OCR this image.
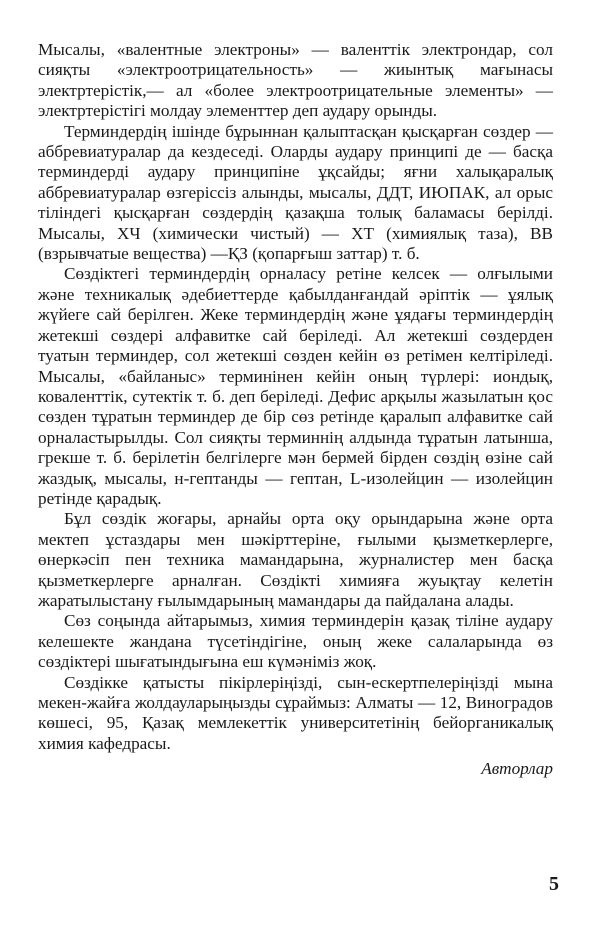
Мысалы, «валентные электроны» — валенттік электрондар, сол сияқты «электроотрицательность» — жиынтық мағынасы электртерістік,— ал «более электроотрицательные элементы» — электртерістігі молдау элементтер деп аудару орынды.

Терминдердің ішінде бұрыннан қалыптасқан қысқарған сөздер — аббревиатуралар да кездеседі. Оларды аудару принципі де — басқа терминдерді аудару принципіне ұқсайды; яғни халықаралық аббревиатуралар өзгеріссіз алынды, мысалы, ДДТ, ИЮПАК, ал орыс тіліндегі қысқарған сөздердің қазақша толық баламасы берілді. Мысалы, ХЧ (химически чистый) — ХТ (химиялық таза), ВВ (взрывчатые вещества) —ҚЗ (қопарғыш заттар) т. б.

Сөздіктегі терминдердің орналасу ретіне келсек — олғылыми және техникалық әдебиеттерде қабылданғандай әріптік — ұялық жүйеге сай берілген. Жеке терминдердің және ұядағы терминдердің жетекші сөздері алфавитке сай беріледі. Ал жетекші сөздерден туатын терминдер, сол жетекші сөзден кейін өз ретімен келтіріледі. Мысалы, «байланыс» терминінен кейін оның түрлері: иондық, коваленттік, сутектік т. б. деп беріледі. Дефис арқылы жазылатын қос сөзден тұратын терминдер де бір сөз ретінде қаралып алфавитке сай орналастырылды. Сол сияқты терминнің алдында тұратын латынша, грекше т. б. берілетін белгілерге мән бермей бірден сөздің өзіне сай жаздық, мысалы, н-гептанды — гептан, L-изолейцин — изолейцин ретінде қарадық.

Бұл сөздік жоғары, арнайы орта оқу орындарына және орта мектеп ұстаздары мен шәкірттеріне, ғылыми қызметкерлерге, өнеркәсіп пен техника мамандарына, журналистер мен басқа қызметкерлерге арналған. Сөздікті химияға жуықтау келетін жаратылыстану ғылымдарының мамандары да пайдалана алады.

Сөз соңында айтарымыз, химия терминдерін қазақ тіліне аудару келешекте жандана түсетіндігіне, оның жеке салаларында өз сөздіктері шығатындығына еш күмәніміз жоқ.

Сөздікке қатысты пікірлеріңізді, сын-ескертпелеріңізді мына мекен-жайға жолдауларыңызды сұраймыз: Алматы — 12, Виноградов көшесі, 95, Қазақ мемлекеттік университетінің бейорганикалық химия кафедрасы.

Авторлар

5
